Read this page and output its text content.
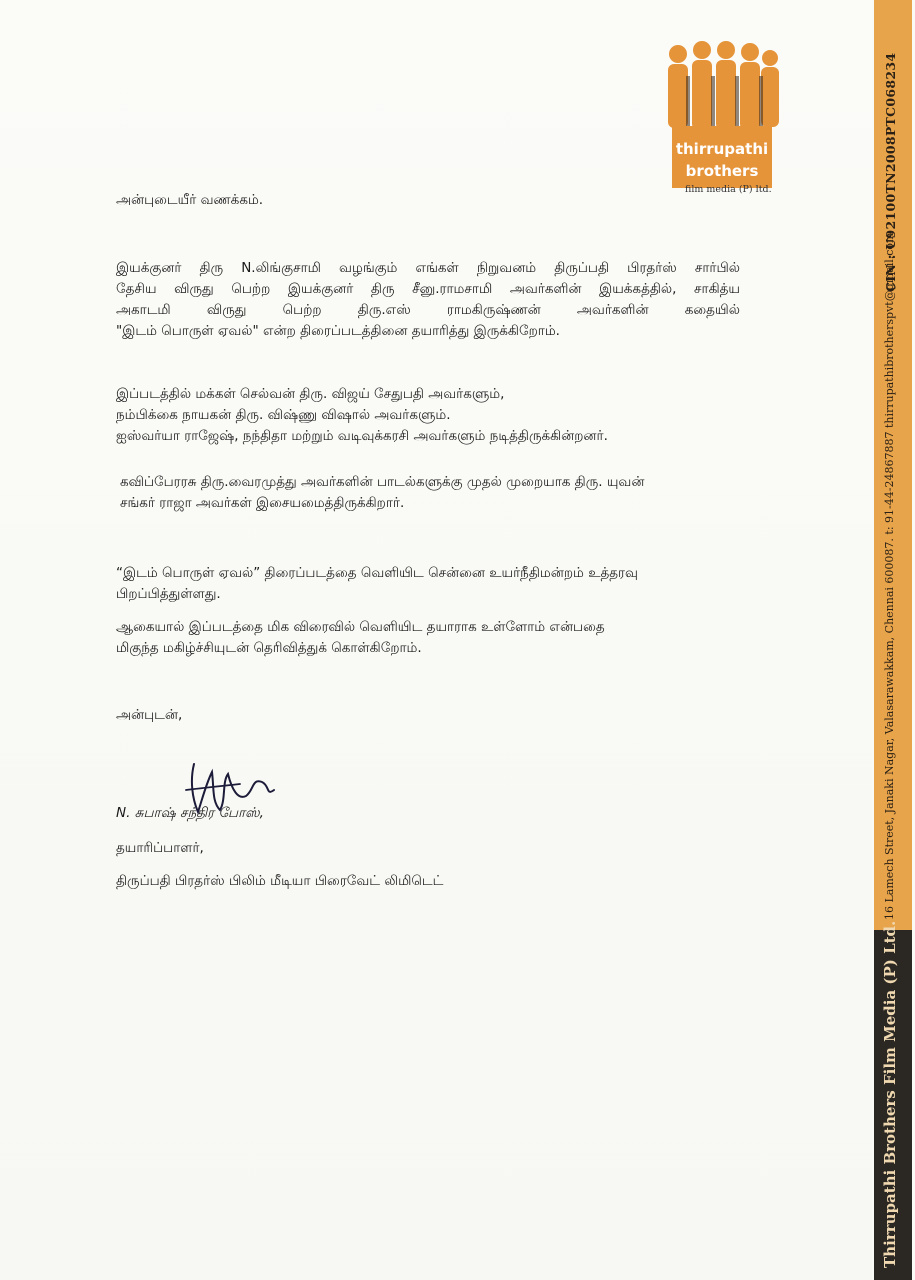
CIN : U92100TN2008PTC068234
16 Lamech Street, Janaki Nagar, Valasarawakkam, Chennai 600087. t: 91-44-24867887 thirrupathibrotherspvt@gmail.com
Thirrupathi Brothers Film Media (P) Ltd.
thirrupathi
brothers
film media (P) ltd.
அன்புடையீர் வணக்கம்.
இயக்குனர் திரு N.லிங்குசாமி வழங்கும் எங்கள் நிறுவனம் திருப்பதி பிரதர்ஸ் சார்பில்
தேசிய விருது பெற்ற இயக்குனர் திரு சீனு.ராமசாமி அவர்களின் இயக்கத்தில், சாகித்ய
அகாடமி விருது பெற்ற திரு.எஸ் ராமகிருஷ்ணன் அவர்களின் கதையில்
"இடம் பொருள் ஏவல்" என்ற திரைப்படத்தினை தயாரித்து இருக்கிறோம்.
இப்படத்தில் மக்கள் செல்வன் திரு. விஜய் சேதுபதி அவர்களும்,
நம்பிக்கை நாயகன் திரு. விஷ்ணு விஷால் அவர்களும்.
ஐஸ்வர்யா ராஜேஷ், நந்திதா மற்றும் வடிவுக்கரசி அவர்களும் நடித்திருக்கின்றனர்.
கவிப்பேரரசு திரு.வைரமுத்து அவர்களின் பாடல்களுக்கு முதல் முறையாக திரு. யுவன்
சங்கர் ராஜா அவர்கள் இசையமைத்திருக்கிறார்.
“இடம் பொருள் ஏவல்” திரைப்படத்தை வெளியிட சென்னை உயர்நீதிமன்றம் உத்தரவு
பிறப்பித்துள்ளது.
ஆகையால் இப்படத்தை மிக விரைவில் வெளியிட தயாராக உள்ளோம் என்பதை
மிகுந்த மகிழ்ச்சியுடன் தெரிவித்துக் கொள்கிறோம்.
அன்புடன்,
N. சுபாஷ் சந்திர போஸ்,
தயாரிப்பாளர்,
திருப்பதி பிரதர்ஸ் பிலிம் மீடியா பிரைவேட் லிமிடெட்
